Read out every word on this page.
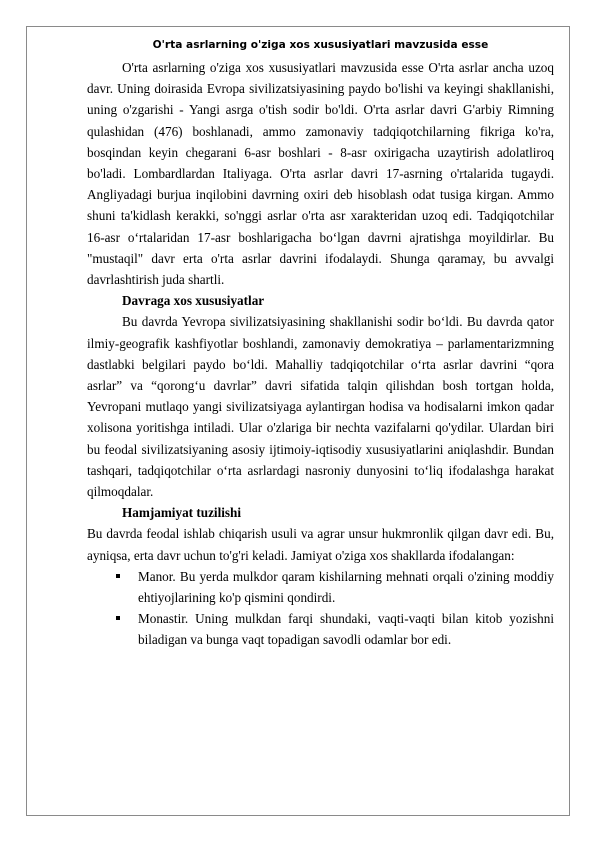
O'rta asrlarning o'ziga xos xususiyatlari mavzusida esse

O'rta asrlarning o'ziga xos xususiyatlari mavzusida esse O'rta asrlar ancha uzoq davr. Uning doirasida Evropa sivilizatsiyasining paydo bo'lishi va keyingi shakllanishi, uning o'zgarishi - Yangi asrga o'tish sodir bo'ldi. O'rta asrlar davri G'arbiy Rimning qulashidan (476) boshlanadi, ammo zamonaviy tadqiqotchilarning fikriga ko'ra, bosqindan keyin chegarani 6-asr boshlari - 8-asr oxirigacha uzaytirish adolatliroq bo'ladi. Lombardlardan Italiyaga. O'rta asrlar davri 17-asrning o'rtalarida tugaydi. Angliyadagi burjua inqilobini davrning oxiri deb hisoblash odat tusiga kirgan. Ammo shuni ta'kidlash kerakki, so'nggi asrlar o'rta asr xarakteridan uzoq edi. Tadqiqotchilar 16-asr o‘rtalaridan 17-asr boshlarigacha bo‘lgan davrni ajratishga moyildirlar. Bu "mustaqil" davr erta o'rta asrlar davrini ifodalaydi. Shunga qaramay, bu avvalgi davrlashtirish juda shartli.

Davraga xos xususiyatlar

Bu davrda Yevropa sivilizatsiyasining shakllanishi sodir bo‘ldi. Bu davrda qator ilmiy-geografik kashfiyotlar boshlandi, zamonaviy demokratiya – parlamentarizmning dastlabki belgilari paydo bo‘ldi. Mahalliy tadqiqotchilar o‘rta asrlar davrini “qora asrlar” va “qorong‘u davrlar” davri sifatida talqin qilishdan bosh tortgan holda, Yevropani mutlaqo yangi sivilizatsiyaga aylantirgan hodisa va hodisalarni imkon qadar xolisona yoritishga intiladi. Ular o'zlariga bir nechta vazifalarni qo'ydilar. Ulardan biri bu feodal sivilizatsiyaning asosiy ijtimoiy-iqtisodiy xususiyatlarini aniqlashdir. Bundan tashqari, tadqiqotchilar o‘rta asrlardagi nasroniy dunyosini to‘liq ifodalashga harakat qilmoqdalar.

Hamjamiyat tuzilishi

Bu davrda feodal ishlab chiqarish usuli va agrar unsur hukmronlik qilgan davr edi. Bu, ayniqsa, erta davr uchun to'g'ri keladi. Jamiyat o'ziga xos shakllarda ifodalangan:

Manor. Bu yerda mulkdor qaram kishilarning mehnati orqali o'zining moddiy ehtiyojlarining ko'p qismini qondirdi.
Monastir. Uning mulkdan farqi shundaki, vaqti-vaqti bilan kitob yozishni biladigan va bunga vaqt topadigan savodli odamlar bor edi.
